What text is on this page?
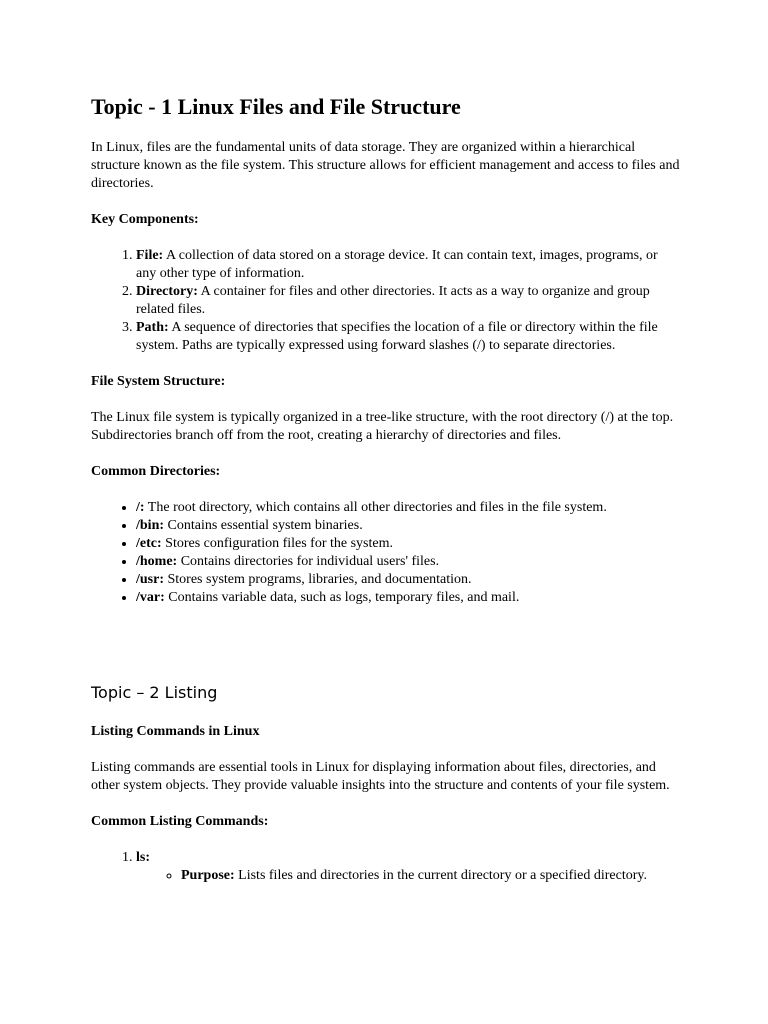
Topic - 1 Linux Files and File Structure

In Linux, files are the fundamental units of data storage. They are organized within a hierarchical structure known as the file system. This structure allows for efficient management and access to files and directories.

Key Components:

1. File: A collection of data stored on a storage device. It can contain text, images, programs, or any other type of information.
2. Directory: A container for files and other directories. It acts as a way to organize and group related files.
3. Path: A sequence of directories that specifies the location of a file or directory within the file system. Paths are typically expressed using forward slashes (/) to separate directories.

File System Structure:

The Linux file system is typically organized in a tree-like structure, with the root directory (/) at the top. Subdirectories branch off from the root, creating a hierarchy of directories and files.

Common Directories:

• /: The root directory, which contains all other directories and files in the file system.
• /bin: Contains essential system binaries.
• /etc: Stores configuration files for the system.
• /home: Contains directories for individual users' files.
• /usr: Stores system programs, libraries, and documentation.
• /var: Contains variable data, such as logs, temporary files, and mail.
Topic – 2 Listing

Listing Commands in Linux

Listing commands are essential tools in Linux for displaying information about files, directories, and other system objects. They provide valuable insights into the structure and contents of your file system.

Common Listing Commands:

1. ls:
◦ Purpose: Lists files and directories in the current directory or a specified directory.
